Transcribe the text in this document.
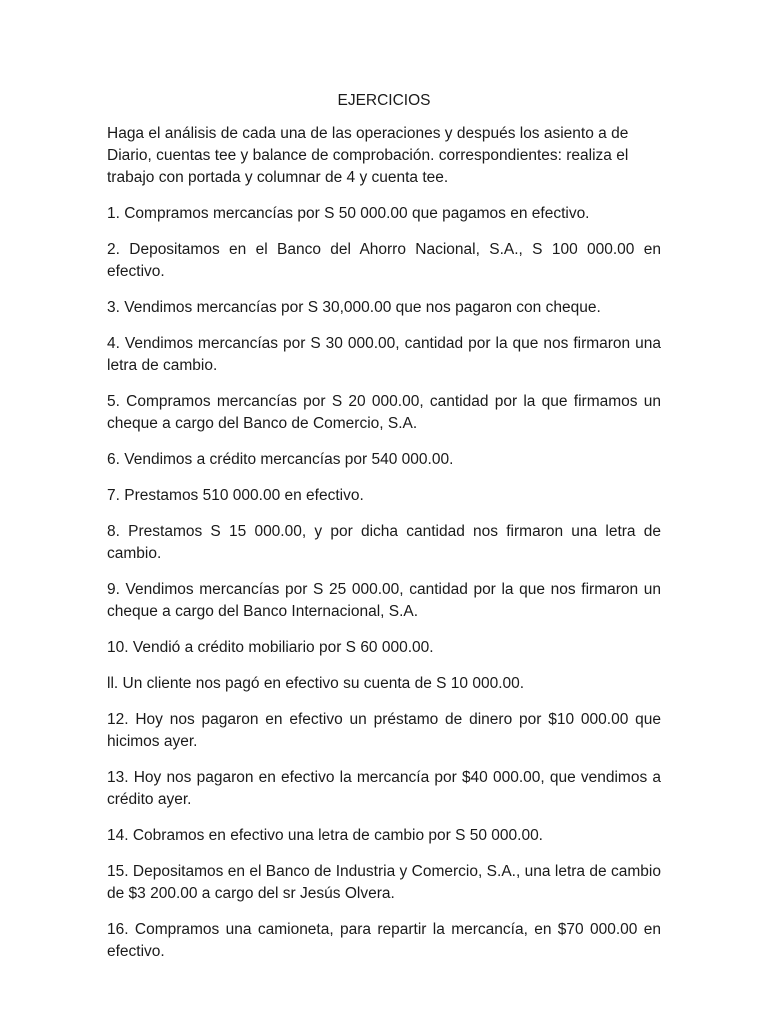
EJERCICIOS

Haga el análisis de cada una de las operaciones y después los asiento a de Diario, cuentas tee y balance de comprobación. correspondientes: realiza el trabajo con portada y columnar de 4 y cuenta tee.

1. Compramos mercancías por S 50 000.00 que pagamos en efectivo.

2. Depositamos en el Banco del Ahorro Nacional, S.A., S 100 000.00 en efectivo.

3. Vendimos mercancías por S 30,000.00 que nos pagaron con cheque.

4. Vendimos mercancías por S 30 000.00, cantidad por la que nos firmaron una letra de cambio.

5. Compramos mercancías por S 20 000.00, cantidad por la que firmamos un cheque a cargo del Banco de Comercio, S.A.

6. Vendimos a crédito mercancías por 540 000.00.

7. Prestamos 510 000.00 en efectivo.

8. Prestamos S 15 000.00, y por dicha cantidad nos firmaron una letra de cambio.

9. Vendimos mercancías por S 25 000.00, cantidad por la que nos firmaron un cheque a cargo del Banco Internacional, S.A.

10. Vendió a crédito mobiliario por S 60 000.00.

ll. Un cliente nos pagó en efectivo su cuenta de S 10 000.00.

12. Hoy nos pagaron en efectivo un préstamo de dinero por $10 000.00 que hicimos ayer.

13. Hoy nos pagaron en efectivo la mercancía por $40 000.00, que vendimos a crédito ayer.

14. Cobramos en efectivo una letra de cambio por S 50 000.00.

15. Depositamos en el Banco de Industria y Comercio, S.A., una letra de cambio de $3 200.00 a cargo del sr Jesús Olvera.

16. Compramos una camioneta, para repartir la mercancía, en $70 000.00 en efectivo.
